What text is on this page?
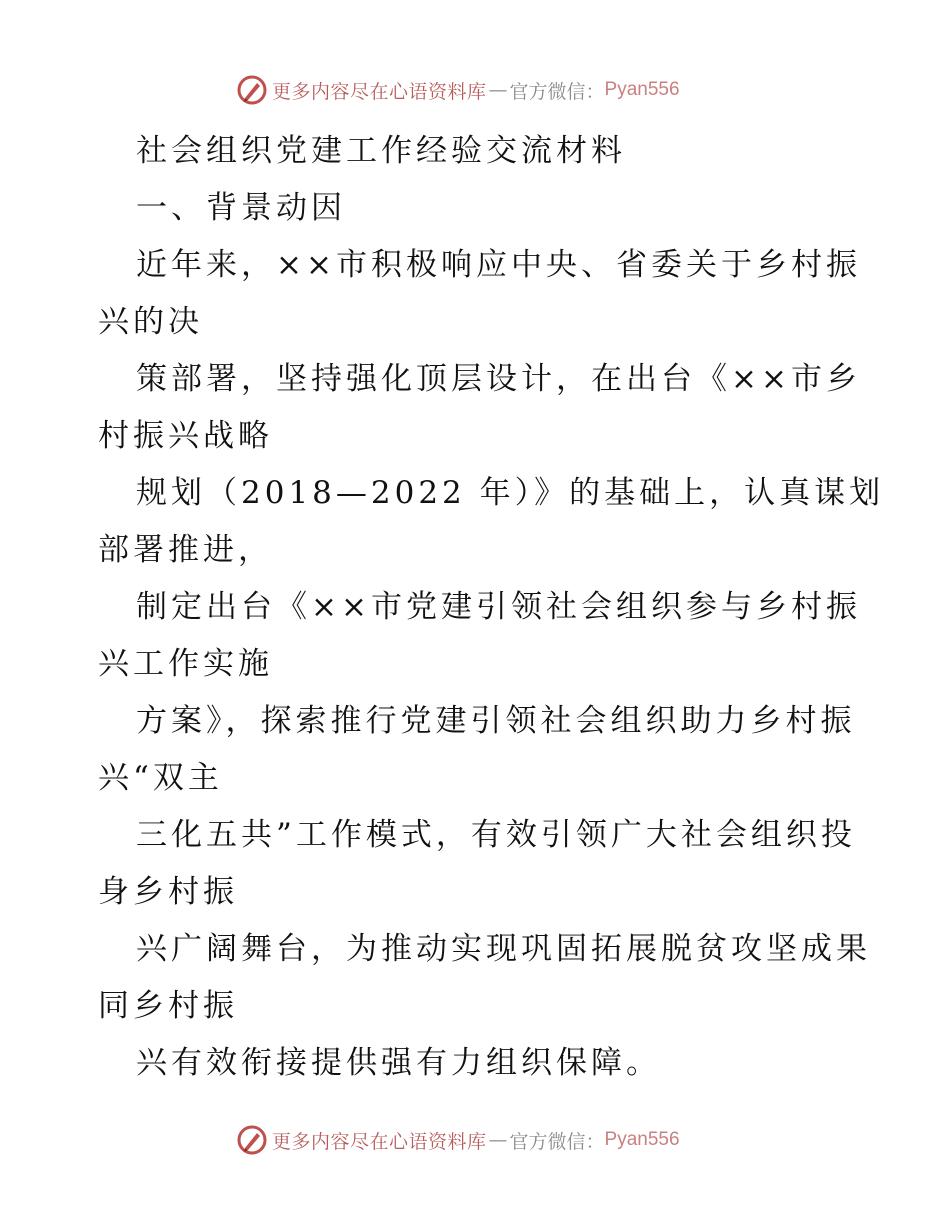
更多内容尽在心语资料库 — 官方微信： Pyan556
社会组织党建工作经验交流材料
一、背景动因
近年来，××市积极响应中央、省委关于乡村振
兴的决
策部署，坚持强化顶层设计，在出台《××市乡
村振兴战略
规划（2018—2022 年）》的基础上，认真谋划
部署推进，
制定出台《××市党建引领社会组织参与乡村振
兴工作实施
方案》，探索推行党建引领社会组织助力乡村振
兴“双主
三化五共”工作模式，有效引领广大社会组织投
身乡村振
兴广阔舞台，为推动实现巩固拓展脱贫攻坚成果
同乡村振
兴有效衔接提供强有力组织保障。
更多内容尽在心语资料库 — 官方微信： Pyan556
